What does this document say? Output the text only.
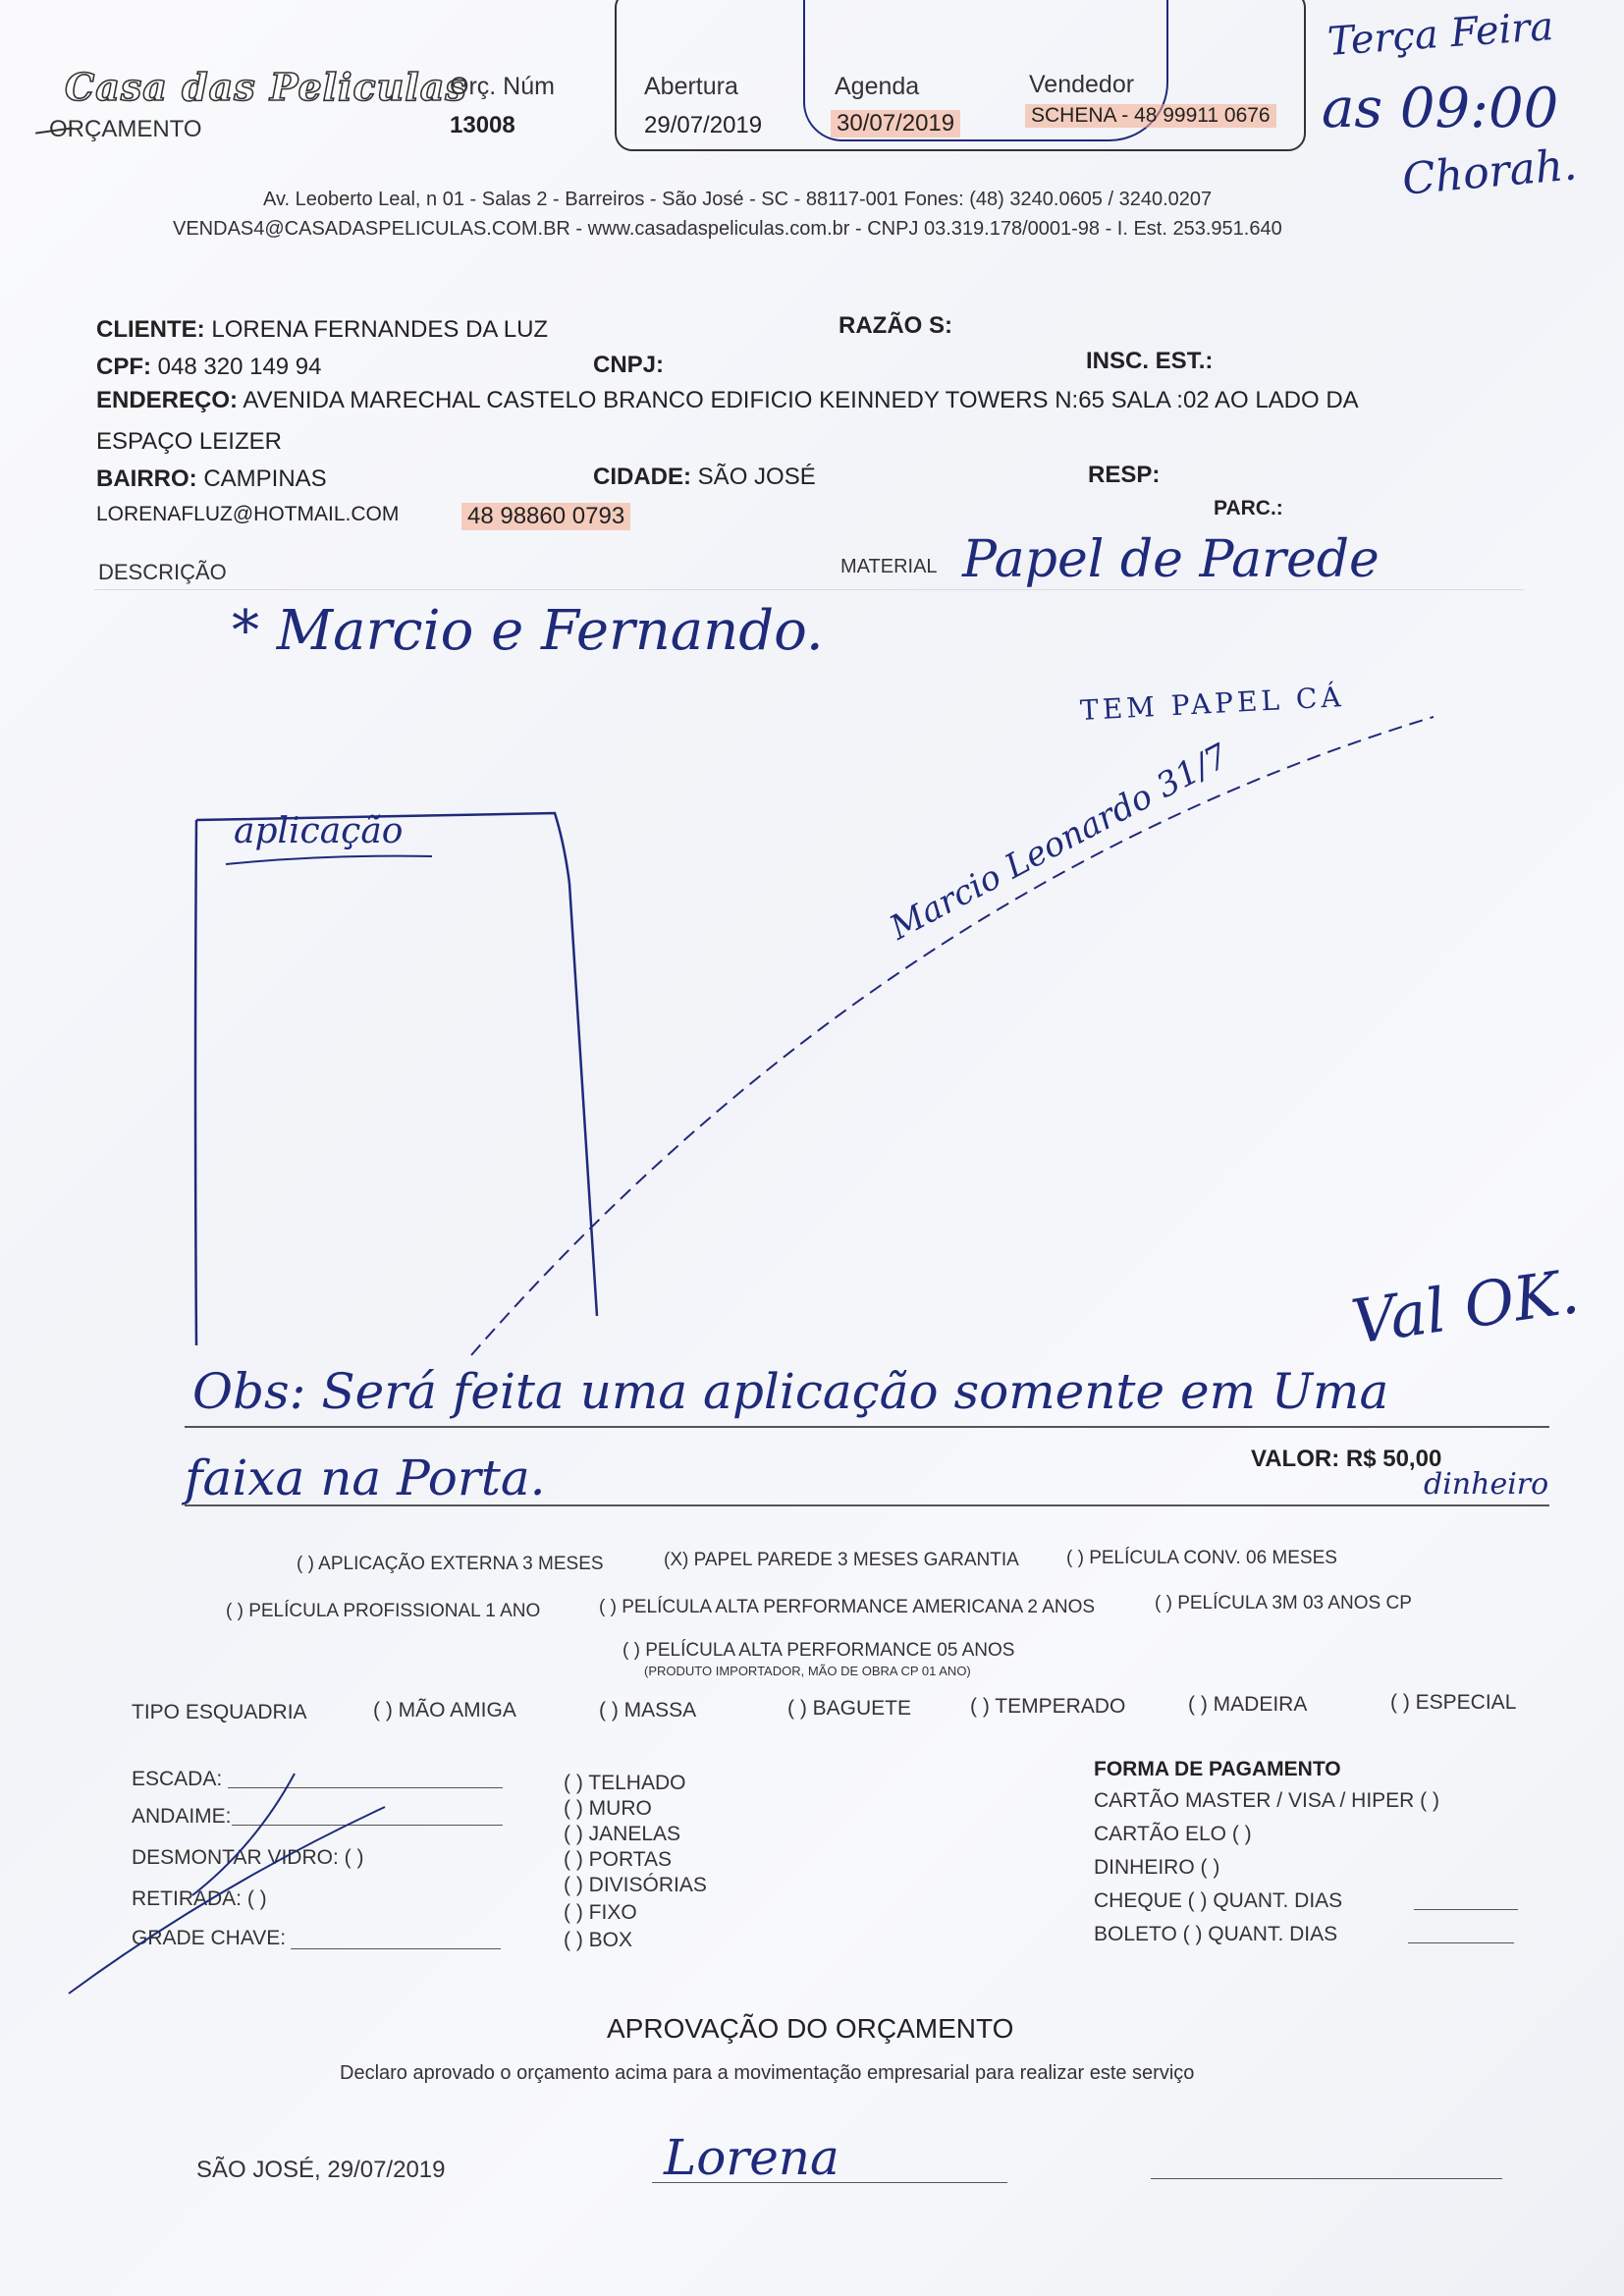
Casa das Peliculas
ORÇAMENTO
Orç. Núm
13008
Abertura
29/07/2019
Agenda
30/07/2019
Vendedor
SCHENA - 48 99911 0676
Terça Feira
as 09:00
Chorah.
Av. Leoberto Leal, n 01 - Salas 2 - Barreiros - São José - SC - 88117-001 Fones: (48) 3240.0605 / 3240.0207
VENDAS4@CASADASPELICULAS.COM.BR - www.casadaspeliculas.com.br - CNPJ 03.319.178/0001-98 - I. Est. 253.951.640
CLIENTE: LORENA FERNANDES DA LUZ	RAZÃO S:
CPF: 048 320 149 94	CNPJ:	INSC. EST.:
ENDEREÇO: AVENIDA MARECHAL CASTELO BRANCO EDIFICIO KEINNEDY TOWERS N:65 SALA :02 AO LADO DA
ESPAÇO LEIZER
BAIRRO: CAMPINAS	CIDADE: SÃO JOSÉ	RESP:
LORENAFLUZ@HOTMAIL.COM	48 98860 0793	PARC.:
DESCRIÇÃO	MATERIAL Papel de Parede
* Marcio e Fernando.
TEM PAPEL CÁ
aplicação	Marcio Leonardo 31/7
Val OK.
Obs: Será feita uma aplicação somente em Uma
faixa na Porta.	VALOR: R$ 50,00
dinheiro
( ) APLICAÇÃO EXTERNA 3 MESES	(X) PAPEL PAREDE 3 MESES GARANTIA	( ) PELÍCULA CONV. 06 MESES
( ) PELÍCULA PROFISSIONAL 1 ANO	( ) PELÍCULA ALTA PERFORMANCE AMERICANA 2 ANOS	( ) PELÍCULA 3M 03 ANOS CP
( ) PELÍCULA ALTA PERFORMANCE 05 ANOS
(PRODUTO IMPORTADOR, MÃO DE OBRA CP 01 ANO)
TIPO ESQUADRIA	( ) MÃO AMIGA	( ) MASSA	( ) BAGUETE	( ) TEMPERADO	( ) MADEIRA	( ) ESPECIAL
ESCADA:
ANDAIME:
DESMONTAR VIDRO: ( )
RETIRADA: ( )
GRADE CHAVE:
( ) TELHADO
( ) MURO
( ) JANELAS
( ) PORTAS
( ) DIVISÓRIAS
( ) FIXO
( ) BOX
FORMA DE PAGAMENTO
CARTÃO MASTER / VISA / HIPER ( )
CARTÃO ELO ( )
DINHEIRO ( )
CHEQUE ( ) QUANT. DIAS
BOLETO ( ) QUANT. DIAS
APROVAÇÃO DO ORÇAMENTO
Declaro aprovado o orçamento acima para a movimentação empresarial para realizar este serviço
SÃO JOSÉ, 29/07/2019	Lorena
